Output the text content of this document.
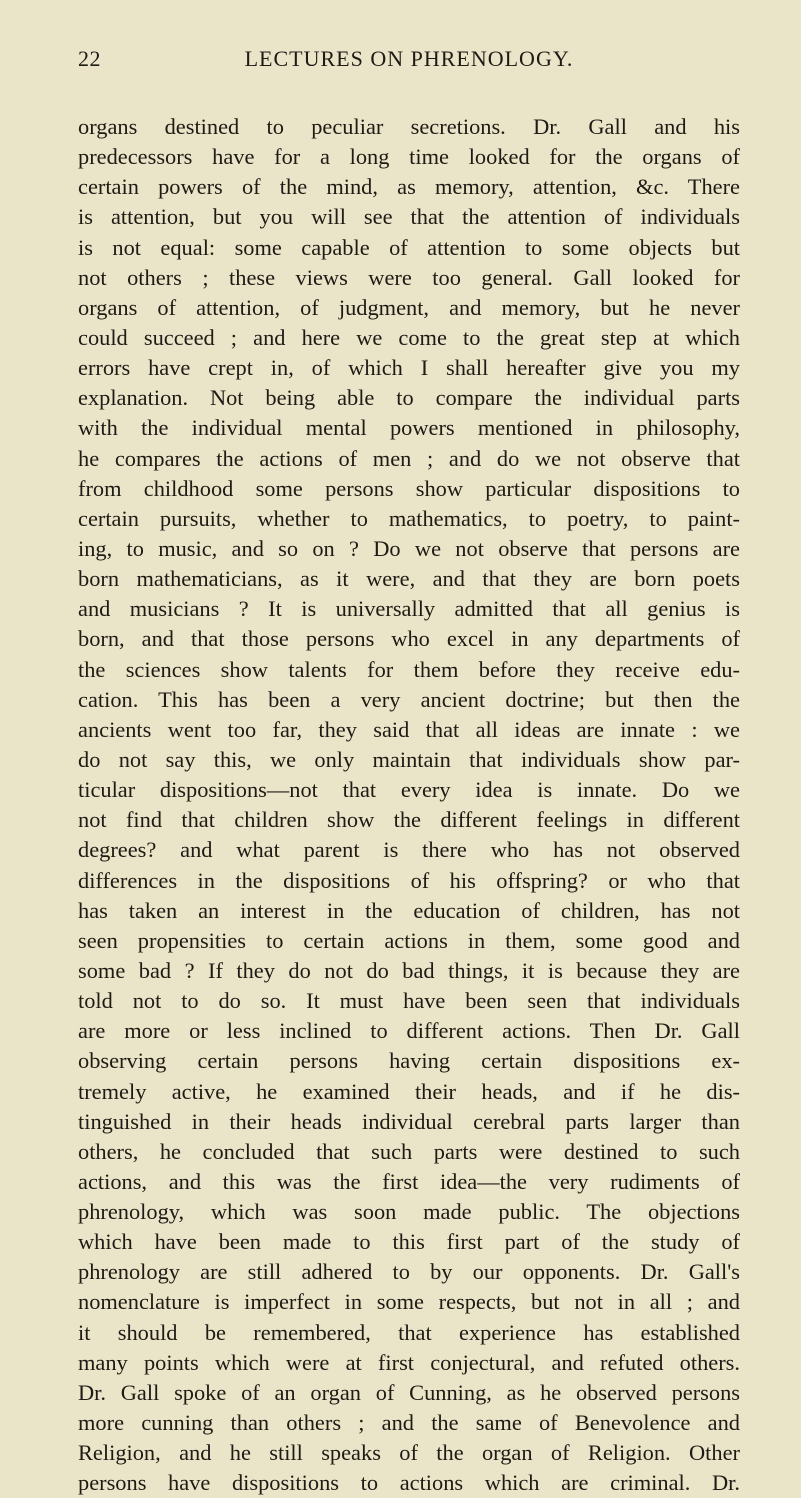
22	LECTURES ON PHRENOLOGY.
organs destined to peculiar secretions. Dr. Gall and his
predecessors have for a long time looked for the organs of
certain powers of the mind, as memory, attention, &c. There
is attention, but you will see that the attention of individuals
is not equal: some capable of attention to some objects but
not others ; these views were too general. Gall looked for
organs of attention, of judgment, and memory, but he never
could succeed ; and here we come to the great step at which
errors have crept in, of which I shall hereafter give you my
explanation. Not being able to compare the individual parts
with the individual mental powers mentioned in philosophy,
he compares the actions of men ; and do we not observe that
from childhood some persons show particular dispositions to
certain pursuits, whether to mathematics, to poetry, to paint-
ing, to music, and so on ? Do we not observe that persons are
born mathematicians, as it were, and that they are born poets
and musicians ? It is universally admitted that all genius is
born, and that those persons who excel in any departments of
the sciences show talents for them before they receive edu-
cation. This has been a very ancient doctrine; but then the
ancients went too far, they said that all ideas are innate : we
do not say this, we only maintain that individuals show par-
ticular dispositions—not that every idea is innate. Do we
not find that children show the different feelings in different
degrees? and what parent is there who has not observed
differences in the dispositions of his offspring? or who that
has taken an interest in the education of children, has not
seen propensities to certain actions in them, some good and
some bad ? If they do not do bad things, it is because they are
told not to do so. It must have been seen that individuals
are more or less inclined to different actions. Then Dr. Gall
observing certain persons having certain dispositions ex-
tremely active, he examined their heads, and if he dis-
tinguished in their heads individual cerebral parts larger than
others, he concluded that such parts were destined to such
actions, and this was the first idea—the very rudiments of
phrenology, which was soon made public. The objections
which have been made to this first part of the study of
phrenology are still adhered to by our opponents. Dr. Gall's
nomenclature is imperfect in some respects, but not in all ; and
it should be remembered, that experience has established
many points which were at first conjectural, and refuted others.
Dr. Gall spoke of an organ of Cunning, as he observed persons
more cunning than others ; and the same of Benevolence and
Religion, and he still speaks of the organ of Religion. Other
persons have dispositions to actions which are criminal. Dr.
